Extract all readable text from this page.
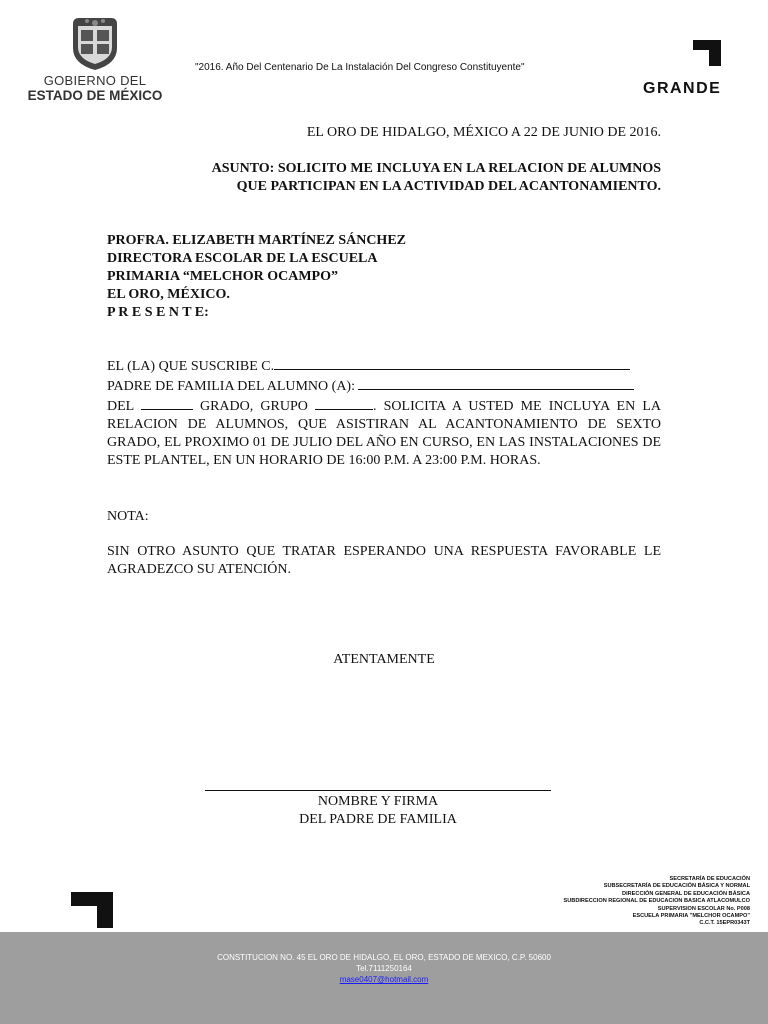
GOBIERNO DEL
ESTADO DE MÉXICO
"2016. Año Del Centenario De La Instalación Del Congreso Constituyente"
GRANDE
EL ORO DE HIDALGO, MÉXICO A 22 DE JUNIO DE 2016.
ASUNTO: SOLICITO ME INCLUYA EN LA RELACION DE ALUMNOS
QUE PARTICIPAN EN LA ACTIVIDAD DEL ACANTONAMIENTO.
PROFRA. ELIZABETH MARTÍNEZ SÁNCHEZ
DIRECTORA ESCOLAR DE LA ESCUELA
PRIMARIA “MELCHOR OCAMPO”
EL ORO, MÉXICO.
P R E S E N T E:
EL (LA) QUE SUSCRIBE C.
PADRE DE FAMILIA DEL ALUMNO (A):
DEL	GRADO, GRUPO	. SOLICITA A USTED ME INCLUYA EN LA RELACION DE ALUMNOS, QUE ASISTIRAN AL ACANTONAMIENTO DE SEXTO GRADO, EL PROXIMO 01 DE JULIO DEL AÑO EN CURSO, EN LAS INSTALACIONES DE ESTE PLANTEL, EN UN HORARIO DE 16:00 P.M. A 23:00 P.M. HORAS.
NOTA:
SIN OTRO ASUNTO QUE TRATAR ESPERANDO UNA RESPUESTA FAVORABLE LE AGRADEZCO SU ATENCIÓN.
ATENTAMENTE
NOMBRE Y FIRMA
DEL PADRE DE FAMILIA
SECRETARÍA DE EDUCACIÓN
SUBSECRETARÍA DE EDUCACIÓN BÁSICA Y NORMAL
DIRECCIÓN GENERAL DE EDUCACIÓN BÁSICA
SUBDIRECCION REGIONAL DE EDUCACION BASICA ATLACOMULCO
SUPERVISION ESCOLAR No. P008
ESCUELA PRIMARIA "MELCHOR OCAMPO"
C.C.T. 15EPR0343T
CONSTITUCION NO. 45 EL ORO DE HIDALGO, EL ORO, ESTADO DE MEXICO, C.P. 50600
Tel.7111250164
mase0407@hotmail.com
